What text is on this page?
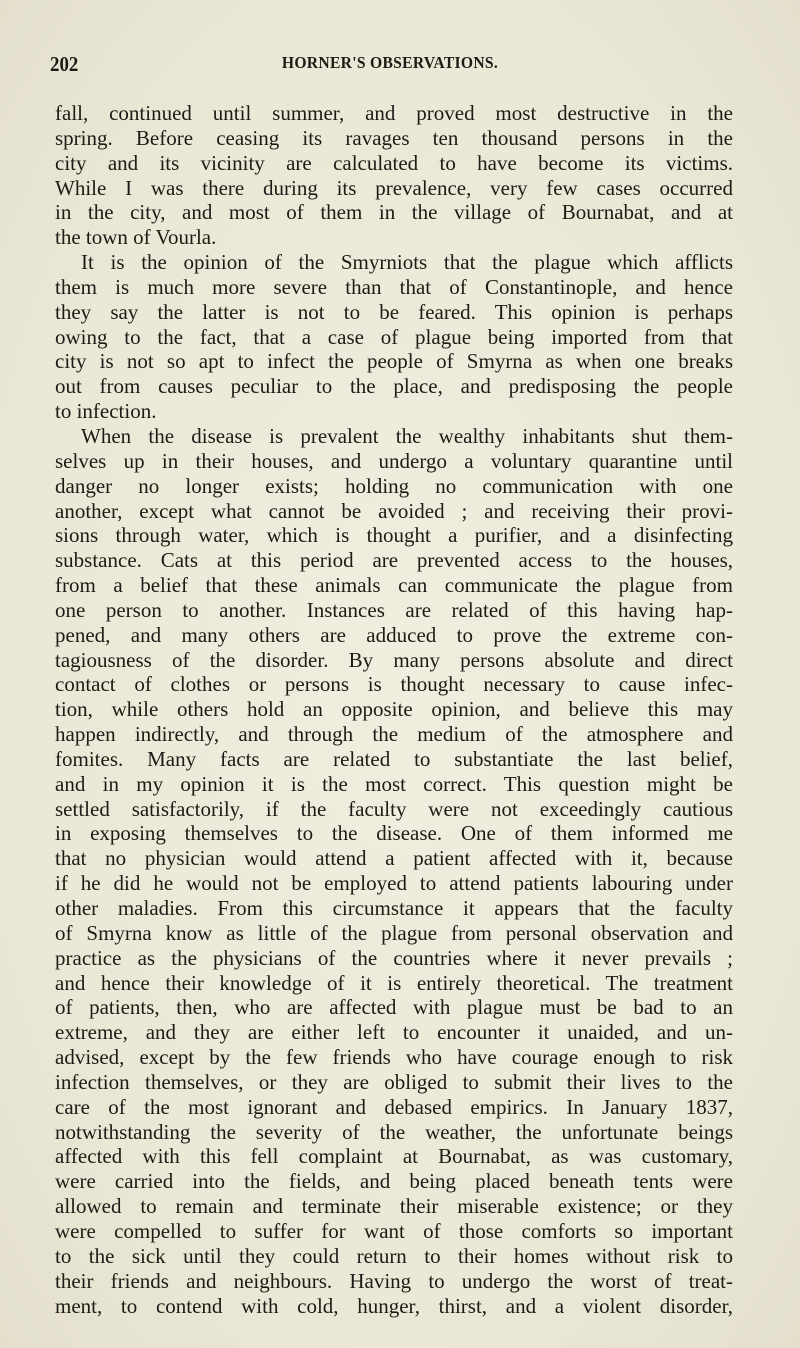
202	HORNER'S OBSERVATIONS.
fall, continued until summer, and proved most destructive in the
spring. Before ceasing its ravages ten thousand persons in the
city and its vicinity are calculated to have become its victims.
While I was there during its prevalence, very few cases occurred
in the city, and most of them in the village of Bournabat, and at
the town of Vourla.
It is the opinion of the Smyrniots that the plague which afflicts
them is much more severe than that of Constantinople, and hence
they say the latter is not to be feared. This opinion is perhaps
owing to the fact, that a case of plague being imported from that
city is not so apt to infect the people of Smyrna as when one breaks
out from causes peculiar to the place, and predisposing the people
to infection.
When the disease is prevalent the wealthy inhabitants shut them-
selves up in their houses, and undergo a voluntary quarantine until
danger no longer exists; holding no communication with one
another, except what cannot be avoided ; and receiving their provi-
sions through water, which is thought a purifier, and a disinfecting
substance. Cats at this period are prevented access to the houses,
from a belief that these animals can communicate the plague from
one person to another. Instances are related of this having hap-
pened, and many others are adduced to prove the extreme con-
tagiousness of the disorder. By many persons absolute and direct
contact of clothes or persons is thought necessary to cause infec-
tion, while others hold an opposite opinion, and believe this may
happen indirectly, and through the medium of the atmosphere and
fomites. Many facts are related to substantiate the last belief,
and in my opinion it is the most correct. This question might be
settled satisfactorily, if the faculty were not exceedingly cautious
in exposing themselves to the disease. One of them informed me
that no physician would attend a patient affected with it, because
if he did he would not be employed to attend patients labouring under
other maladies. From this circumstance it appears that the faculty
of Smyrna know as little of the plague from personal observation and
practice as the physicians of the countries where it never prevails ;
and hence their knowledge of it is entirely theoretical. The treatment
of patients, then, who are affected with plague must be bad to an
extreme, and they are either left to encounter it unaided, and un-
advised, except by the few friends who have courage enough to risk
infection themselves, or they are obliged to submit their lives to the
care of the most ignorant and debased empirics. In January 1837,
notwithstanding the severity of the weather, the unfortunate beings
affected with this fell complaint at Bournabat, as was customary,
were carried into the fields, and being placed beneath tents were
allowed to remain and terminate their miserable existence; or they
were compelled to suffer for want of those comforts so important
to the sick until they could return to their homes without risk to
their friends and neighbours. Having to undergo the worst of treat-
ment, to contend with cold, hunger, thirst, and a violent disorder,
